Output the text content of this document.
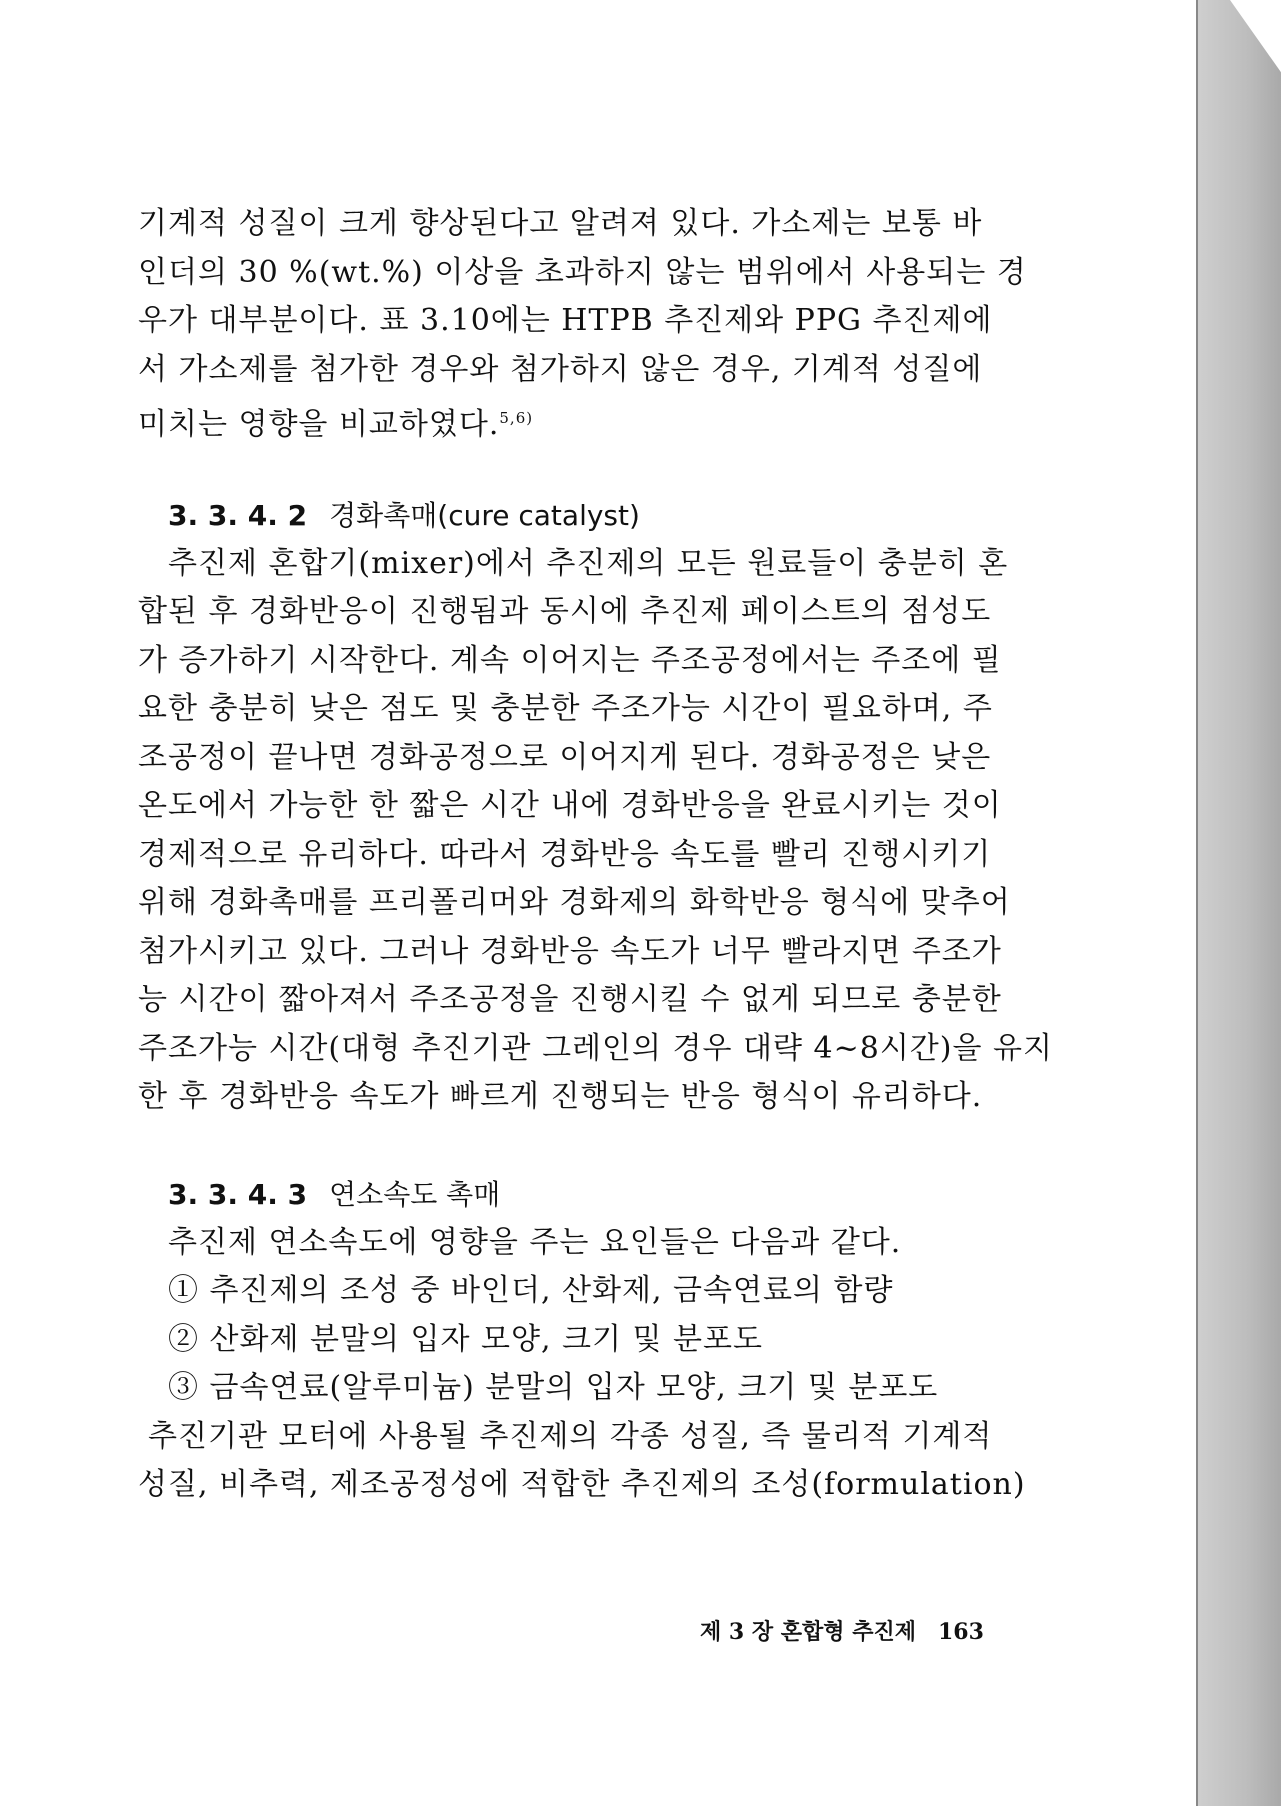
기계적 성질이 크게 향상된다고 알려져 있다. 가소제는 보통 바
인더의 30 %(wt.%) 이상을 초과하지 않는 범위에서 사용되는 경
우가 대부분이다. 표 3.10에는 HTPB 추진제와 PPG 추진제에
서 가소제를 첨가한 경우와 첨가하지 않은 경우, 기계적 성질에
미치는 영향을 비교하였다.$^{5,6)}$
3. 3. 4. 2 경화촉매(cure catalyst)
추진제 혼합기(mixer)에서 추진제의 모든 원료들이 충분히 혼
합된 후 경화반응이 진행됨과 동시에 추진제 페이스트의 점성도
가 증가하기 시작한다. 계속 이어지는 주조공정에서는 주조에 필
요한 충분히 낮은 점도 및 충분한 주조가능 시간이 필요하며, 주
조공정이 끝나면 경화공정으로 이어지게 된다. 경화공정은 낮은
온도에서 가능한 한 짧은 시간 내에 경화반응을 완료시키는 것이
경제적으로 유리하다. 따라서 경화반응 속도를 빨리 진행시키기
위해 경화촉매를 프리폴리머와 경화제의 화학반응 형식에 맞추어
첨가시키고 있다. 그러나 경화반응 속도가 너무 빨라지면 주조가
능 시간이 짧아져서 주조공정을 진행시킬 수 없게 되므로 충분한
주조가능 시간(대형 추진기관 그레인의 경우 대략 4~8시간)을 유지
한 후 경화반응 속도가 빠르게 진행되는 반응 형식이 유리하다.
3. 3. 4. 3 연소속도 촉매
추진제 연소속도에 영향을 주는 요인들은 다음과 같다.
① 추진제의 조성 중 바인더, 산화제, 금속연료의 함량
② 산화제 분말의 입자 모양, 크기 및 분포도
③ 금속연료(알루미늄) 분말의 입자 모양, 크기 및 분포도
추진기관 모터에 사용될 추진제의 각종 성질, 즉 물리적 기계적
성질, 비추력, 제조공정성에 적합한 추진제의 조성(formulation)
제 3 장 혼합형 추진제 163
